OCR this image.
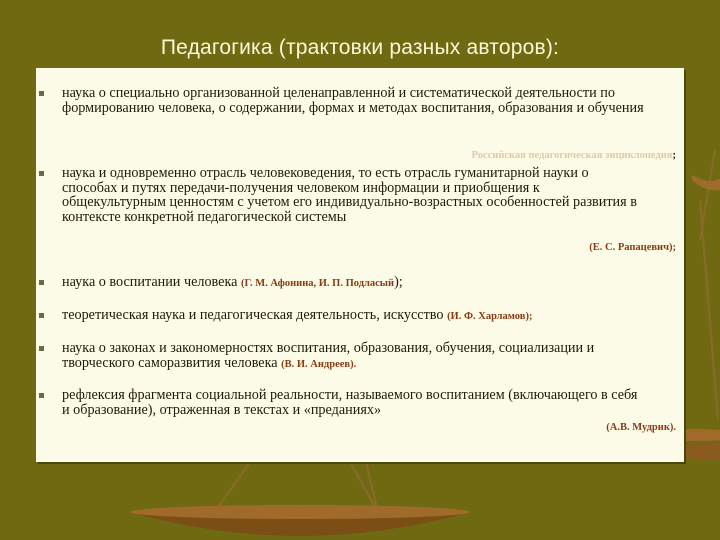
Педагогика (трактовки разных авторов):
наука о специально организованной целенаправленной и систематической деятельности по формированию человека, о содержании, формах и методах воспитания, образования и обучения
Российская педагогическая энциклопедия;
наука и одновременно отрасль человековедения, то есть отрасль гуманитарной науки о способах и путях передачи-получения человеком информации и приобщения к общекультурным ценностям с учетом его индивидуально-возрастных особенностей развития в контексте конкретной педагогической системы
(Е. С. Рапацевич);
наука о воспитании человека (Г. М. Афонина, И. П. Подласый);
теоретическая наука и педагогическая деятельность, искусство (И. Ф. Харламов);
наука о законах и закономерностях воспитания, образования, обучения, социализации и творческого саморазвития человека (В. И. Андреев).
рефлексия фрагмента социальной реальности, называемого воспитанием (включающего в себя и образование), отраженная в текстах и «преданиях»
(А.В. Мудрик).
